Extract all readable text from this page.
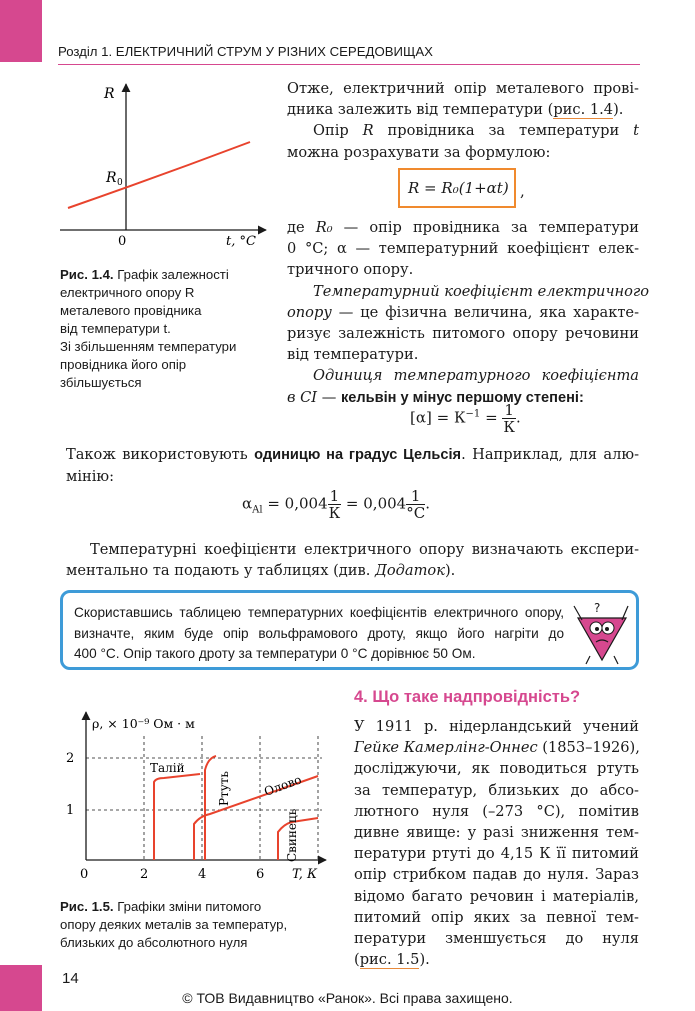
Розділ 1. ЕЛЕКТРИЧНИЙ СТРУМ У РІЗНИХ СЕРЕДОВИЩАХ
R
R 0
0	t, °C
Рис. 1.4. Графік залежності
електричного опору R
металевого провідника
від температури t.
Зі збільшенням температури
провідника його опір
збільшується
Отже, електричний опір металевого прові-
дника залежить від температури (рис. 1.4).
Опір R провідника за температури t
можна розрахувати за формулою:
R = R₀(1+αt) ,
де R₀ — опір провідника за температури
0 °С; α — температурний коефіцієнт елек-
тричного опору.
Температурний коефіцієнт електричного
опору — це фізична величина, яка характе-
ризує залежність питомого опору речовини
від температури.
Одиниця температурного коефіцієнта
в СІ — кельвін у мінус першому степені:
$[\alpha] = К^{-1} = \frac{1}{К}$ .
Також використовують одиницю на градус Цельсія. Наприклад, для алю-
мінію:
$\alpha_{Al} = 0,004 \frac{1}{К} = 0,004 \frac{1}{^\circ С}$ .
Температурні коефіцієнти електричного опору визначають експери-
ментально та подають у таблицях (див. Додаток).
Скориставшись таблицею температурних коефіцієнтів електричного опору,
визначте, яким буде опір вольфрамового дроту, якщо його нагріти до
400 °С. Опір такого дроту за температури 0 °С дорівнює 50 Ом.
?
ρ, × 10⁻⁹ Ом · м
2
1
0	2	4	6 T, К
Талій
Ртуть	Олово
Свинець
Рис. 1.5. Графіки зміни питомого
опору деяких металів за температур,
близьких до абсолютного нуля
4. Що таке надпровідність?
У 1911 р. нідерландський учений
Гейке Камерлінг-Оннес (1853–1926),
досліджуючи, як поводиться ртуть
за температур, близьких до абсо-
лютного нуля (–273 °С), помітив
дивне явище: у разі зниження тем-
ператури ртуті до 4,15 К її питомий
опір стрибком падав до нуля. Зараз
відомо багато речовин і матеріалів,
питомий опір яких за певної тем-
ператури зменшується до нуля
(рис. 1.5).
14
© ТОВ Видавництво «Ранок». Всі права захищено.
